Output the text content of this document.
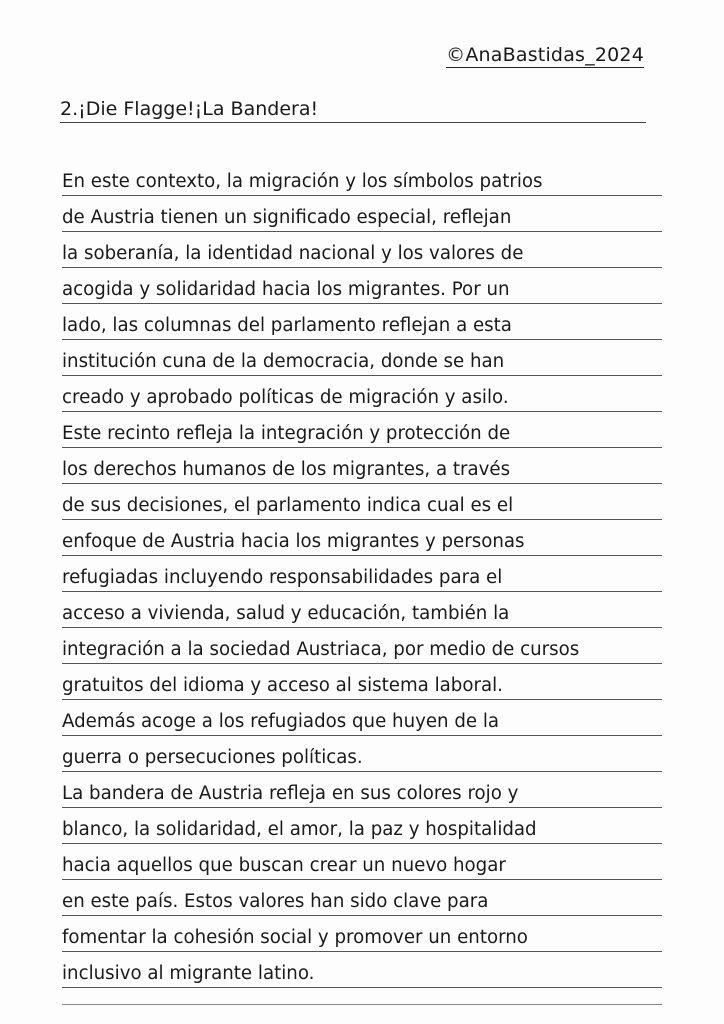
©AnaBastidas_2024
2.¡Die Flagge!¡La Bandera!
En este contexto, la migración y los símbolos patrios
de Austria tienen un significado especial, reflejan
la soberanía, la identidad nacional y los valores de
acogida y solidaridad hacia los migrantes. Por un
lado, las columnas del parlamento reflejan a esta
institución cuna de la democracia, donde se han
creado y aprobado políticas de migración y asilo.
Este recinto refleja la integración y protección de
los derechos humanos de los migrantes, a través
de sus decisiones, el parlamento indica cual es el
enfoque de Austria hacia los migrantes y personas
refugiadas incluyendo responsabilidades para el
acceso a vivienda, salud y educación, también la
integración a la sociedad Austriaca, por medio de cursos
gratuitos del idioma y acceso al sistema laboral.
Además acoge a los refugiados que huyen de la
guerra o persecuciones políticas.
La bandera de Austria refleja en sus colores rojo y
blanco, la solidaridad, el amor, la paz y hospitalidad
hacia aquellos que buscan crear un nuevo hogar
en este país. Estos valores han sido clave para
fomentar la cohesión social y promover un entorno
inclusivo al migrante latino.
